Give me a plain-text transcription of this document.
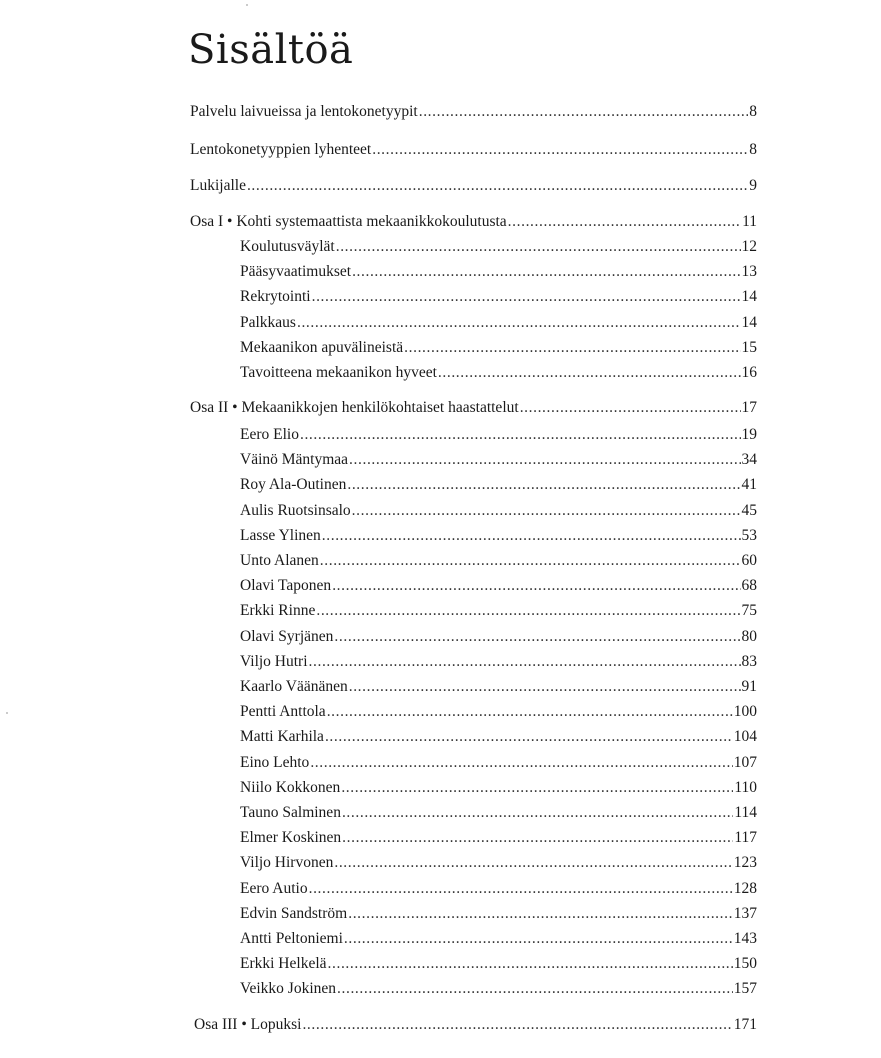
Sisältöä
Palvelu laivueissa ja lentokonetyypit .....	8
Lentokonetyyppien lyhenteet .....	8
Lukijalle .....	9
Osa I • Kohti systemaattista mekaanikkokoulutusta .....	11
Koulutusväylät .....	12
Pääsyvaatimukset .....	13
Rekrytointi .....	14
Palkkaus .....	14
Mekaanikon apuvälineistä .....	15
Tavoitteena mekaanikon hyveet .....	16
Osa II • Mekaanikkojen henkilökohtaiset haastattelut .....	17
Eero Elio .....	19
Väinö Mäntymaa .....	34
Roy Ala-Outinen .....	41
Aulis Ruotsinsalo .....	45
Lasse Ylinen .....	53
Unto Alanen .....	60
Olavi Taponen .....	68
Erkki Rinne .....	75
Olavi Syrjänen .....	80
Viljo Hutri .....	83
Kaarlo Väänänen .....	91
Pentti Anttola .....	100
Matti Karhila .....	104
Eino Lehto .....	107
Niilo Kokkonen .....	110
Tauno Salminen .....	114
Elmer Koskinen .....	117
Viljo Hirvonen .....	123
Eero Autio .....	128
Edvin Sandström .....	137
Antti Peltoniemi .....	143
Erkki Helkelä .....	150
Veikko Jokinen .....	157
Osa III • Lopuksi .....	171
